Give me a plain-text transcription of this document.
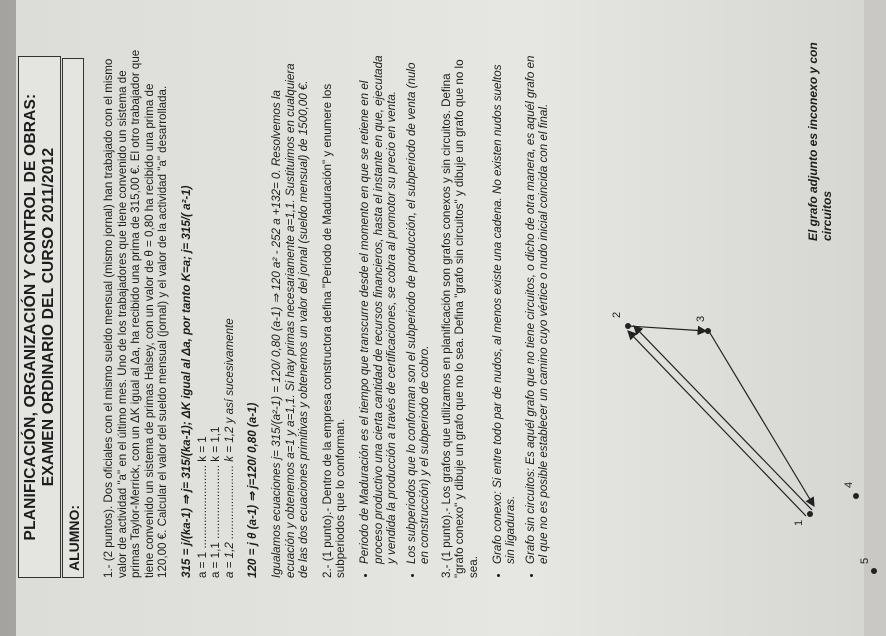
PLANIFICACIÓN, ORGANIZACIÓN Y CONTROL DE OBRAS: EXAMEN ORDINARIO DEL CURSO 2011/2012
ALUMNO: 1.- (2 puntos). Dos oficiales con el mismo sueldo mensual (mismo jornal) han trabajado con el mismo valor de actividad "a" en el último mes. Uno de los trabajadores que tiene convenido un sistema de primas Taylor-Merrick, con un ΔK igual al Δa, ha recibido una prima de 315,00 €. El otro trabajador que tiene convenido un sistema de primas Halsey, con un valor de θ = 0,80 ha recibido una prima de 120,00 €. Calcular el valor del sueldo mensual (jornal) y el valor de la actividad "a" desarrollada. 315 = j/(ka-1) ⇒ j= 315/(ka-1); ΔK igual al Δa, por tanto K=a; j= 315/( a²-1) a = 1 .......................... k = 1 a = 1,1 ....................... k = 1,1 a = 1,2 ....................... k = 1,2 y así sucesivamente 120 = j θ (a-1) ⇒ j=120/ 0,80 (a-1) Igualamos ecuaciones j= 315/(a²-1) = 120/ 0,80 (a-1) ⇒ 120 a² - 252 a +132= 0. Resolvemos la ecuación y obtenemos a=1 y a=1,1. Si hay primas necesariamente a=1,1. Sustituimos en cualquiera de las dos ecuaciones primitivas y obtenemos un valor del jornal (sueldo mensual) de 1500,00 €. 2.- (1 punto).- Dentro de la empresa constructora defina "Periodo de Maduración" y enumere los subperiodos que lo conforman. • Periodo de Maduración es el tiempo que transcurre desde el momento en que se retiene en el proceso productivo una cierta cantidad de recursos financieros, hasta el instante en que, ejecutada y vendida la producción a través de certificaciones, se cobra al promotor su precio en venta. • Los subperiodos que lo conforman son el subperiodo de producción, el subperiodo de venta (nulo en construcción) y el subperiodo de cobro. 3.- (1 punto).- Los grafos que utilizamos en planificación son grafos conexos y sin circuitos. Defina "grafo conexo" y dibuje un grafo que no lo sea. Defina "grafo sin circuitos" y dibuje un grafo que no lo sea.

• Grafo conexo: Si entre todo par de nudos, al menos existe una cadena. No existen nudos sueltos sin ligaduras. • Grafo sin circuitos: Es aquél grafo que no tiene circuitos, o dicho de otra manera, es aquél grafo en el que no es posible establecer un camino cuyo vértice o nudo inicial coincida con el final.	1
2
3
4
5
El grafo adjunto es inconexo y con circuitos
